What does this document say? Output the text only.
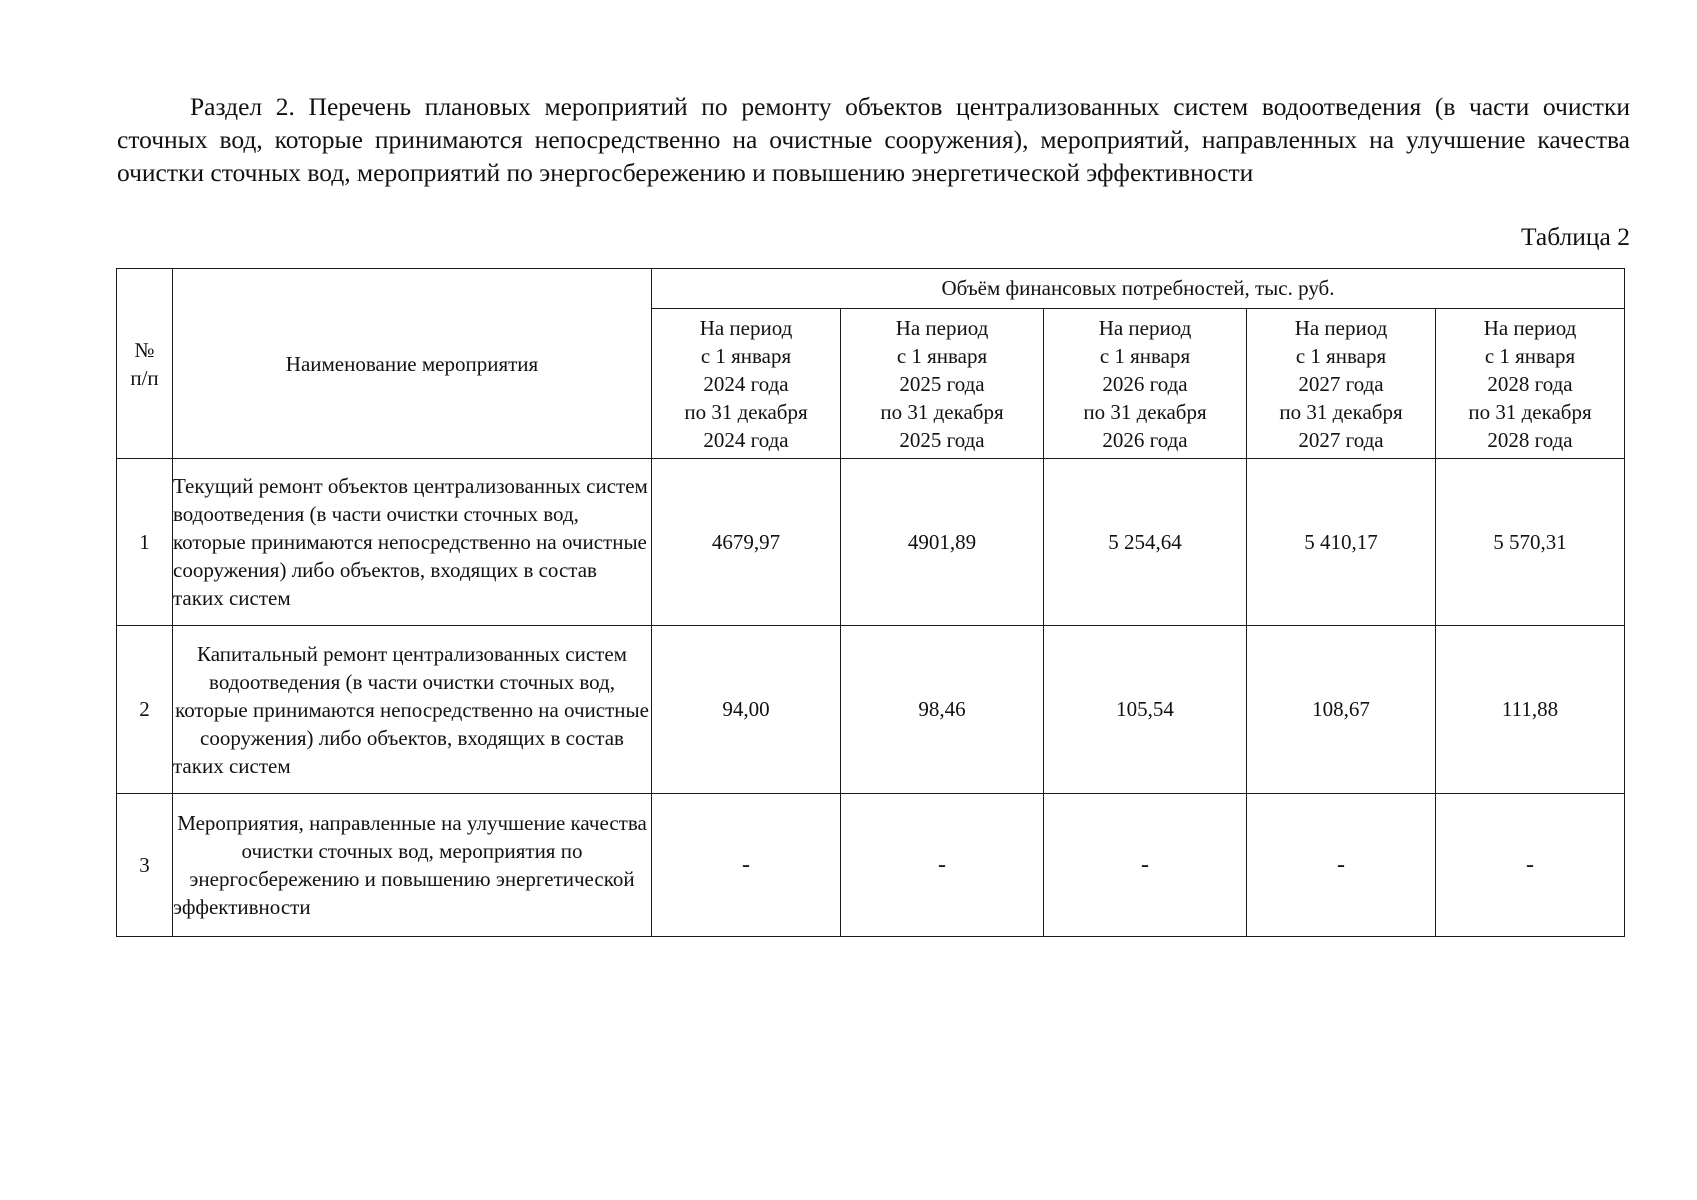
Раздел 2. Перечень плановых мероприятий по ремонту объектов централизованных систем водоотведения (в части очистки сточных вод, которые принимаются непосредственно на очистные сооружения), мероприятий, направленных на улучшение качества очистки сточных вод, мероприятий по энергосбережению и повышению энергетической эффективности

Таблица 2
№
п/п	Наименование мероприятия	Объём финансовых потребностей, тыс. руб.				

		На период
с 1 января
2024 года
по 31 декабря
2024 года	На период
с 1 января
2025 года
по 31 декабря
2025 года	На период
с 1 января
2026 года
по 31 декабря
2026 года	На период
с 1 января
2027 года
по 31 декабря
2027 года	На период
с 1 января
2028 года
по 31 декабря
2028 года

1	Текущий ремонт объектов централизованных систем водоотведения (в части очистки сточных вод, которые принимаются непосредственно на очистные сооружения) либо объектов, входящих в состав таких систем	4679,97	4901,89	5 254,64	5 410,17	5 570,31
2	Капитальный ремонт централизованных систем водоотведения (в части очистки сточных вод, которые принимаются непосредственно на очистные сооружения) либо объектов, входящих в состав таких систем	94,00	98,46	105,54	108,67	111,88
3	Мероприятия, направленные на улучшение качества очистки сточных вод, мероприятия по энергосбережению и повышению энергетической эффективности	-	-	-	-	-
